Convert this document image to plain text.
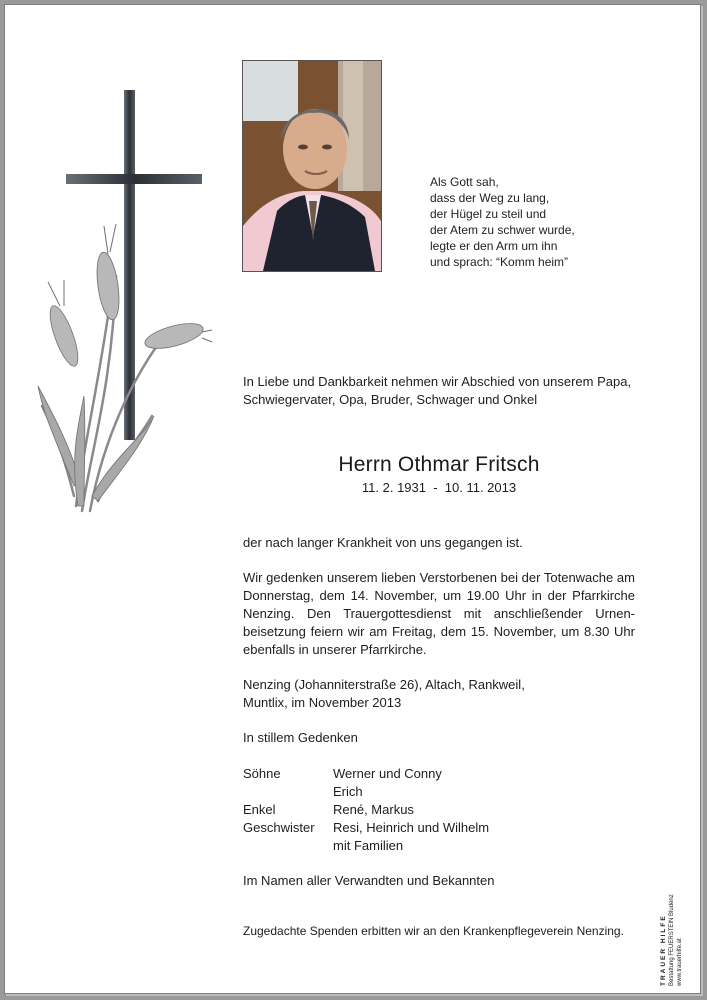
Als Gott sah,
dass der Weg zu lang,
der Hügel zu steil und
der Atem zu schwer wurde,
legte er den Arm um ihn
und sprach: “Komm heim”
In Liebe und Dankbarkeit nehmen wir Abschied von unserem Papa, Schwiegervater, Opa, Bruder, Schwager und Onkel
Herrn Othmar Fritsch
11. 2. 1931  -  10. 11. 2013
der nach langer Krankheit von uns gegangen ist.
Wir gedenken unserem lieben Verstorbenen bei der Totenwache am Donnerstag, dem 14. November, um 19.00 Uhr in der Pfarrkirche Nenzing. Den Trauergottesdienst mit anschließender Urnen-beisetzung feiern wir am Freitag, dem 15. November, um 8.30 Uhr ebenfalls in unserer Pfarrkirche.
Nenzing (Johanniterstraße 26), Altach, Rankweil,
Muntlix, im November 2013
In stillem Gedenken
Söhne	Werner und Conny
Erich
Enkel	René, Markus
Geschwister	Resi, Heinrich und Wilhelm
mit Familien
Im Namen aller Verwandten und Bekannten
Zugedachte Spenden erbitten wir an den Krankenpflegeverein Nenzing.	TRAUER HILFE Bestattung FEUERSTEIN Bludenz www.trauerhilfe.at
